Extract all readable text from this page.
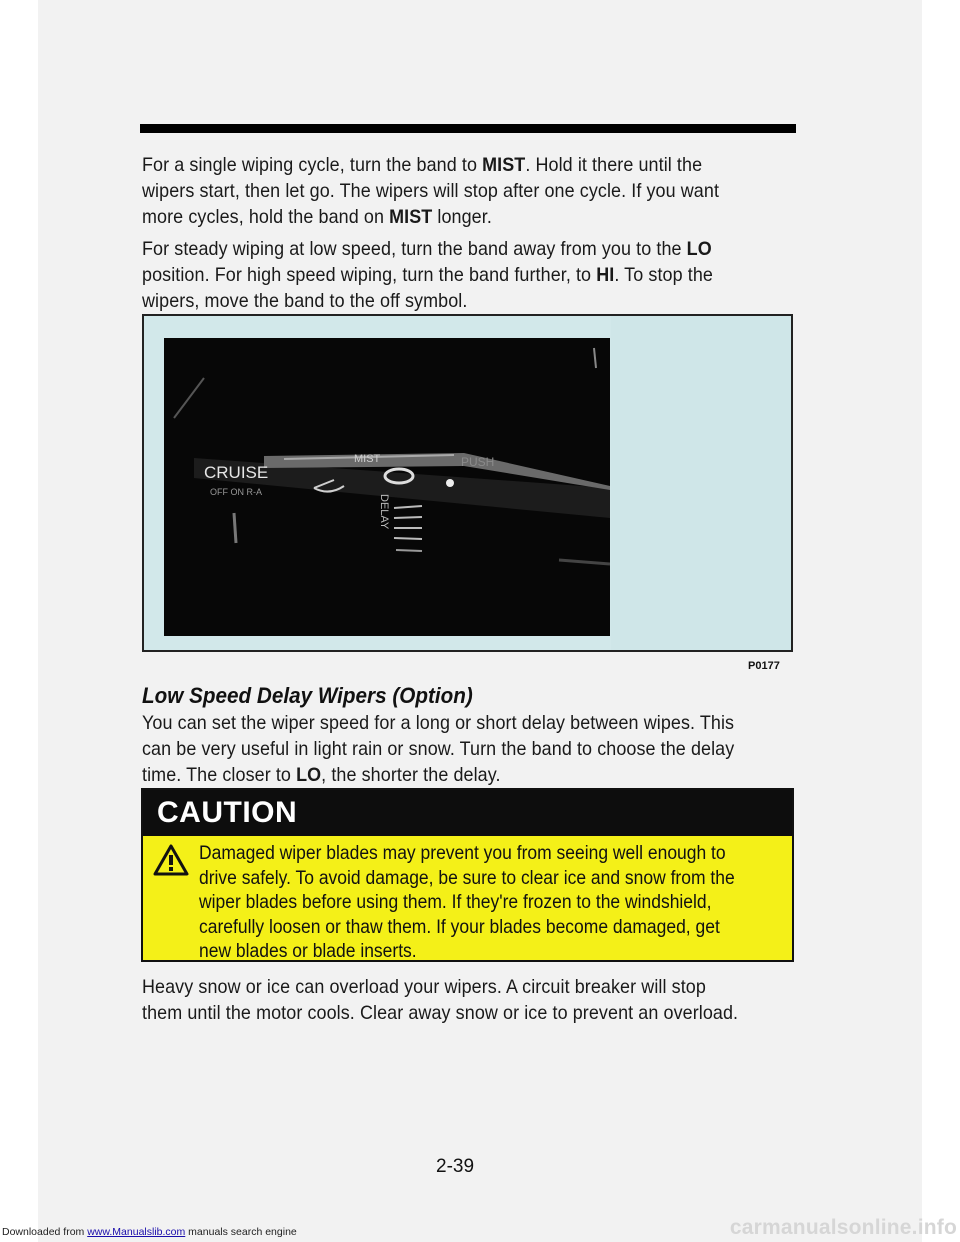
For a single wiping cycle, turn the band to MIST. Hold it there until the wipers start, then let go. The wipers will stop after one cycle. If you want more cycles, hold the band on MIST longer.
For steady wiping at low speed, turn the band away from you to the LO position. For high speed wiping, turn the band further, to HI. To stop the wipers, move the band to the off symbol.
CRUISE
OFF ON R-A
MIST	PUSH
DELAY
P0177
Low Speed Delay Wipers (Option)
You can set the wiper speed for a long or short delay between wipes. This can be very useful in light rain or snow. Turn the band to choose the delay time. The closer to LO, the shorter the delay.
CAUTION
Damaged wiper blades may prevent you from seeing well enough to drive safely. To avoid damage, be sure to clear ice and snow from the wiper blades before using them. If they're frozen to the windshield, carefully loosen or thaw them. If your blades become damaged, get new blades or blade inserts.
Heavy snow or ice can overload your wipers. A circuit breaker will stop them until the motor cools. Clear away snow or ice to prevent an overload.
2-39
Downloaded from www.Manualslib.com manuals search engine	carmanualsonline.info
